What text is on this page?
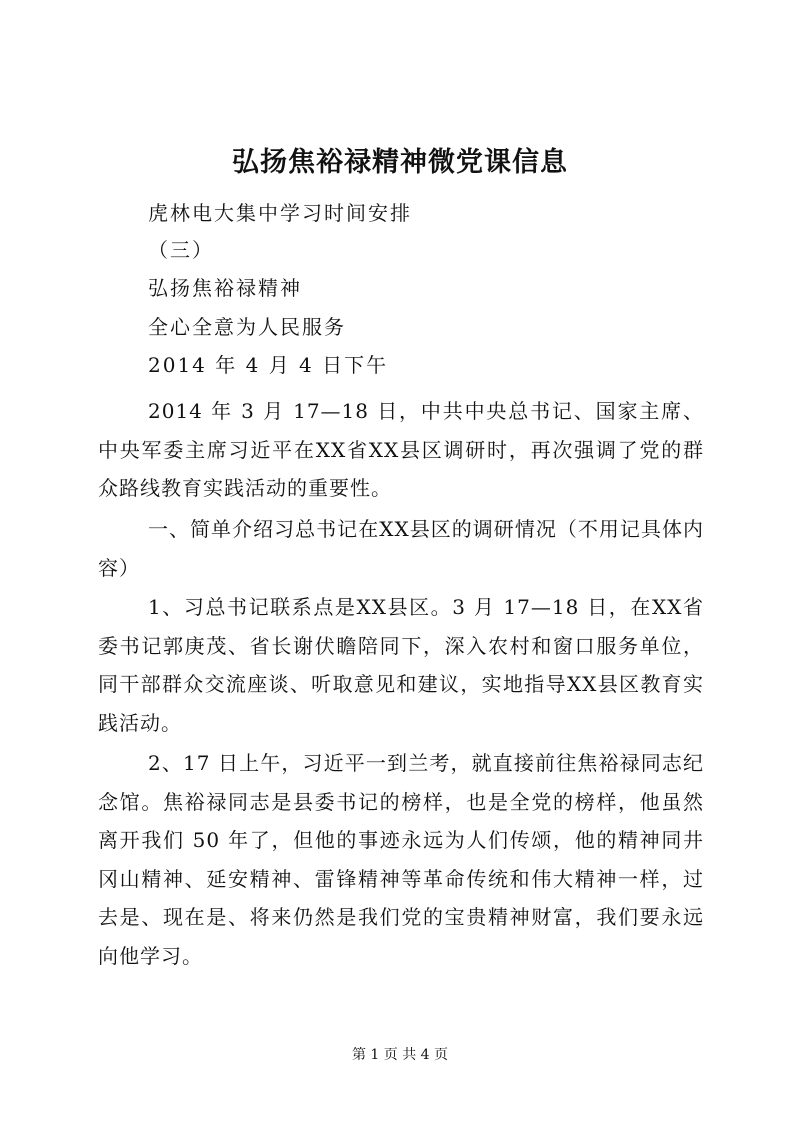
弘扬焦裕禄精神微党课信息

虎林电大集中学习时间安排

（三）

弘扬焦裕禄精神

全心全意为人民服务

2014 年 4 月 4 日下午

2014 年 3 月 17—18 日，中共中央总书记、国家主席、中央军委主席习近平在XX省XX县区调研时，再次强调了党的群众路线教育实践活动的重要性。

一、简单介绍习总书记在XX县区的调研情况（不用记具体内容）

1、习总书记联系点是XX县区。3 月 17—18 日，在XX省委书记郭庚茂、省长谢伏瞻陪同下，深入农村和窗口服务单位，同干部群众交流座谈、听取意见和建议，实地指导XX县区教育实践活动。

2、17 日上午，习近平一到兰考，就直接前往焦裕禄同志纪念馆。焦裕禄同志是县委书记的榜样，也是全党的榜样，他虽然离开我们 50 年了，但他的事迹永远为人们传颂，他的精神同井冈山精神、延安精神、雷锋精神等革命传统和伟大精神一样，过去是、现在是、将来仍然是我们党的宝贵精神财富，我们要永远向他学习。

第 1 页 共 4 页
